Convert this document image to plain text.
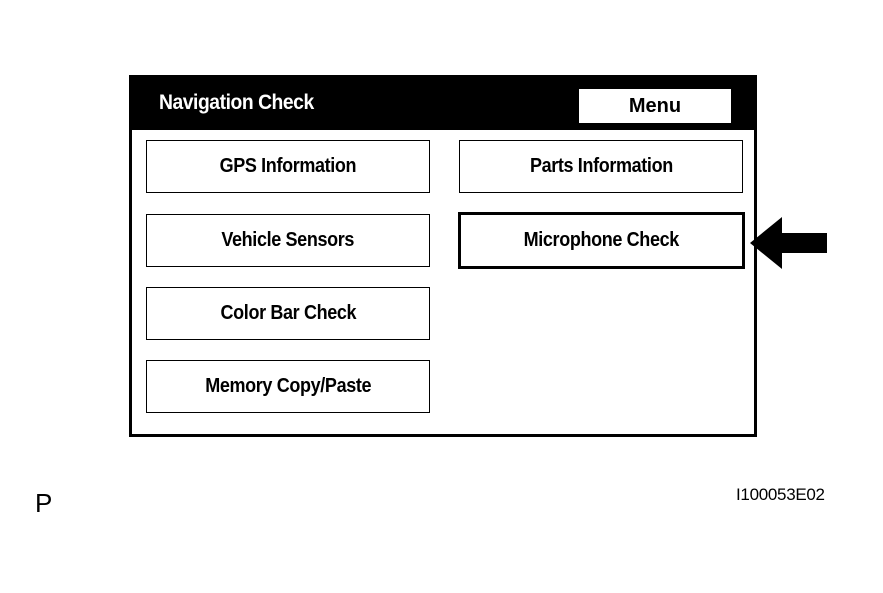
Navigation Check	Menu
GPS Information	Parts Information
Vehicle Sensors	Microphone Check
Color Bar Check
Memory Copy/Paste
P	I100053E02
